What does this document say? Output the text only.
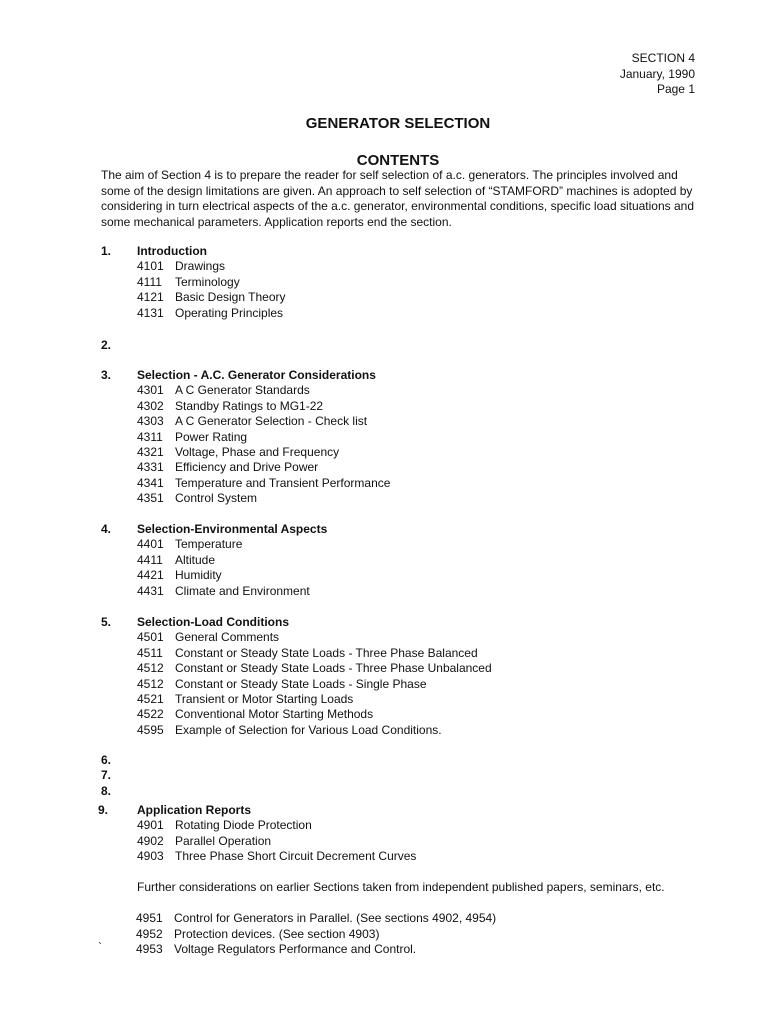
SECTION 4
January, 1990
Page 1
GENERATOR SELECTION
CONTENTS

The aim of Section 4 is to prepare the reader for self selection of a.c. generators. The principles involved and some of the design limitations are given. An approach to self selection of “STAMFORD” machines is adopted by considering in turn electrical aspects of the a.c. generator, environmental conditions, specific load situations and some mechanical parameters. Application reports end the section.

1. Introduction
4101 Drawings
4111 Terminology
4121 Basic Design Theory
4131 Operating Principles
2.
3. Selection - A.C. Generator Considerations
4301 A C Generator Standards
4302 Standby Ratings to MG1-22
4303 A C Generator Selection - Check list
4311 Power Rating
4321 Voltage, Phase and Frequency
4331 Efficiency and Drive Power
4341 Temperature and Transient Performance
4351 Control System
4. Selection-Environmental Aspects
4401 Temperature
4411 Altitude
4421 Humidity
4431 Climate and Environment
5. Selection-Load Conditions
4501 General Comments
4511 Constant or Steady State Loads - Three Phase Balanced
4512 Constant or Steady State Loads - Three Phase Unbalanced
4512 Constant or Steady State Loads - Single Phase
4521 Transient or Motor Starting Loads
4522 Conventional Motor Starting Methods
4595 Example of Selection for Various Load Conditions.
6.
7.
8.
9. Application Reports
4901 Rotating Diode Protection
4902 Parallel Operation
4903 Three Phase Short Circuit Decrement Curves
Further considerations on earlier Sections taken from independent published papers, seminars, etc.
4951 Control for Generators in Parallel. (See sections 4902, 4954)
4952 Protection devices. (See section 4903)
4953 Voltage Regulators Performance and Control.
`
